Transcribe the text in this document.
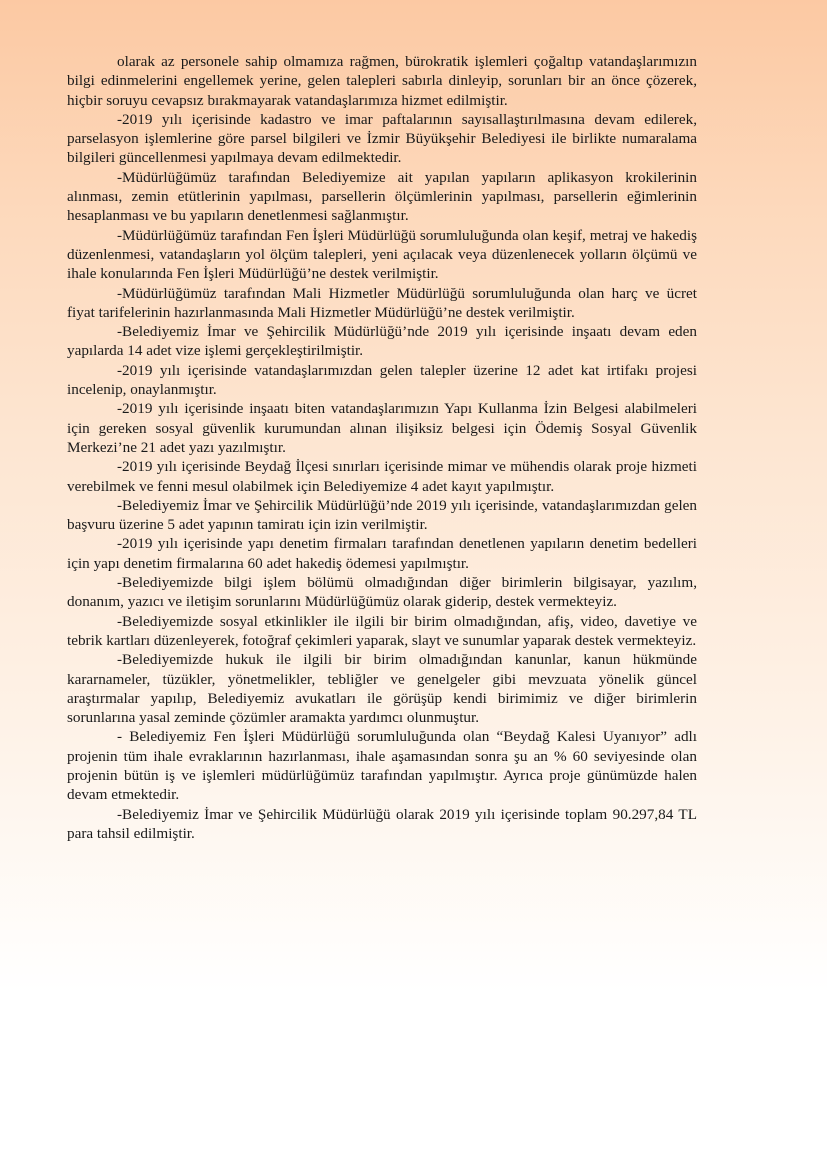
olarak az personele sahip olmamıza rağmen, bürokratik işlemleri çoğaltıp vatandaşlarımızın bilgi edinmelerini engellemek yerine, gelen talepleri sabırla dinleyip, sorunları bir an önce çözerek, hiçbir soruyu cevapsız bırakmayarak vatandaşlarımıza hizmet edilmiştir.

-2019 yılı içerisinde kadastro ve imar paftalarının sayısallaştırılmasına devam edilerek, parselasyon işlemlerine göre parsel bilgileri ve İzmir Büyükşehir Belediyesi ile birlikte numaralama bilgileri güncellenmesi yapılmaya devam edilmektedir.

-Müdürlüğümüz tarafından Belediyemize ait yapılan yapıların aplikasyon krokilerinin alınması, zemin etütlerinin yapılması, parsellerin ölçümlerinin yapılması, parsellerin eğimlerinin hesaplanması ve bu yapıların denetlenmesi sağlanmıştır.

-Müdürlüğümüz tarafından Fen İşleri Müdürlüğü sorumluluğunda olan keşif, metraj ve hakediş düzenlenmesi, vatandaşların yol ölçüm talepleri, yeni açılacak veya düzenlenecek yolların ölçümü ve ihale konularında Fen İşleri Müdürlüğü’ne destek verilmiştir.

-Müdürlüğümüz tarafından Mali Hizmetler Müdürlüğü sorumluluğunda olan harç ve ücret fiyat tarifelerinin hazırlanmasında Mali Hizmetler Müdürlüğü’ne destek verilmiştir.

-Belediyemiz İmar ve Şehircilik Müdürlüğü’nde 2019 yılı içerisinde inşaatı devam eden yapılarda 14 adet vize işlemi gerçekleştirilmiştir.

-2019 yılı içerisinde vatandaşlarımızdan gelen talepler üzerine 12 adet kat irtifakı projesi incelenip, onaylanmıştır.

-2019 yılı içerisinde inşaatı biten vatandaşlarımızın Yapı Kullanma İzin Belgesi alabilmeleri için gereken sosyal güvenlik kurumundan alınan ilişiksiz belgesi için Ödemiş Sosyal Güvenlik Merkezi’ne 21 adet yazı yazılmıştır.

-2019 yılı içerisinde Beydağ İlçesi sınırları içerisinde mimar ve mühendis olarak proje hizmeti verebilmek ve fenni mesul olabilmek için Belediyemize 4 adet kayıt yapılmıştır.

-Belediyemiz İmar ve Şehircilik Müdürlüğü’nde 2019 yılı içerisinde, vatandaşlarımızdan gelen başvuru üzerine 5 adet yapının tamiratı için izin verilmiştir.

-2019 yılı içerisinde yapı denetim firmaları tarafından denetlenen yapıların denetim bedelleri için yapı denetim firmalarına 60 adet hakediş ödemesi yapılmıştır.

-Belediyemizde bilgi işlem bölümü olmadığından diğer birimlerin bilgisayar, yazılım, donanım, yazıcı ve iletişim sorunlarını Müdürlüğümüz olarak giderip, destek vermekteyiz.

-Belediyemizde sosyal etkinlikler ile ilgili bir birim olmadığından, afiş, video, davetiye ve tebrik kartları düzenleyerek, fotoğraf çekimleri yaparak, slayt ve sunumlar yaparak destek vermekteyiz.

-Belediyemizde hukuk ile ilgili bir birim olmadığından kanunlar, kanun hükmünde kararnameler, tüzükler, yönetmelikler, tebliğler ve genelgeler gibi mevzuata yönelik güncel araştırmalar yapılıp, Belediyemiz avukatları ile görüşüp kendi birimimiz ve diğer birimlerin sorunlarına yasal zeminde çözümler aramakta yardımcı olunmuştur.

- Belediyemiz Fen İşleri Müdürlüğü sorumluluğunda olan “Beydağ Kalesi Uyanıyor” adlı projenin tüm ihale evraklarının hazırlanması, ihale aşamasından sonra şu an % 60 seviyesinde olan projenin bütün iş ve işlemleri müdürlüğümüz tarafından yapılmıştır. Ayrıca proje günümüzde halen devam etmektedir.

-Belediyemiz İmar ve Şehircilik Müdürlüğü olarak 2019 yılı içerisinde toplam 90.297,84 TL para tahsil edilmiştir.
